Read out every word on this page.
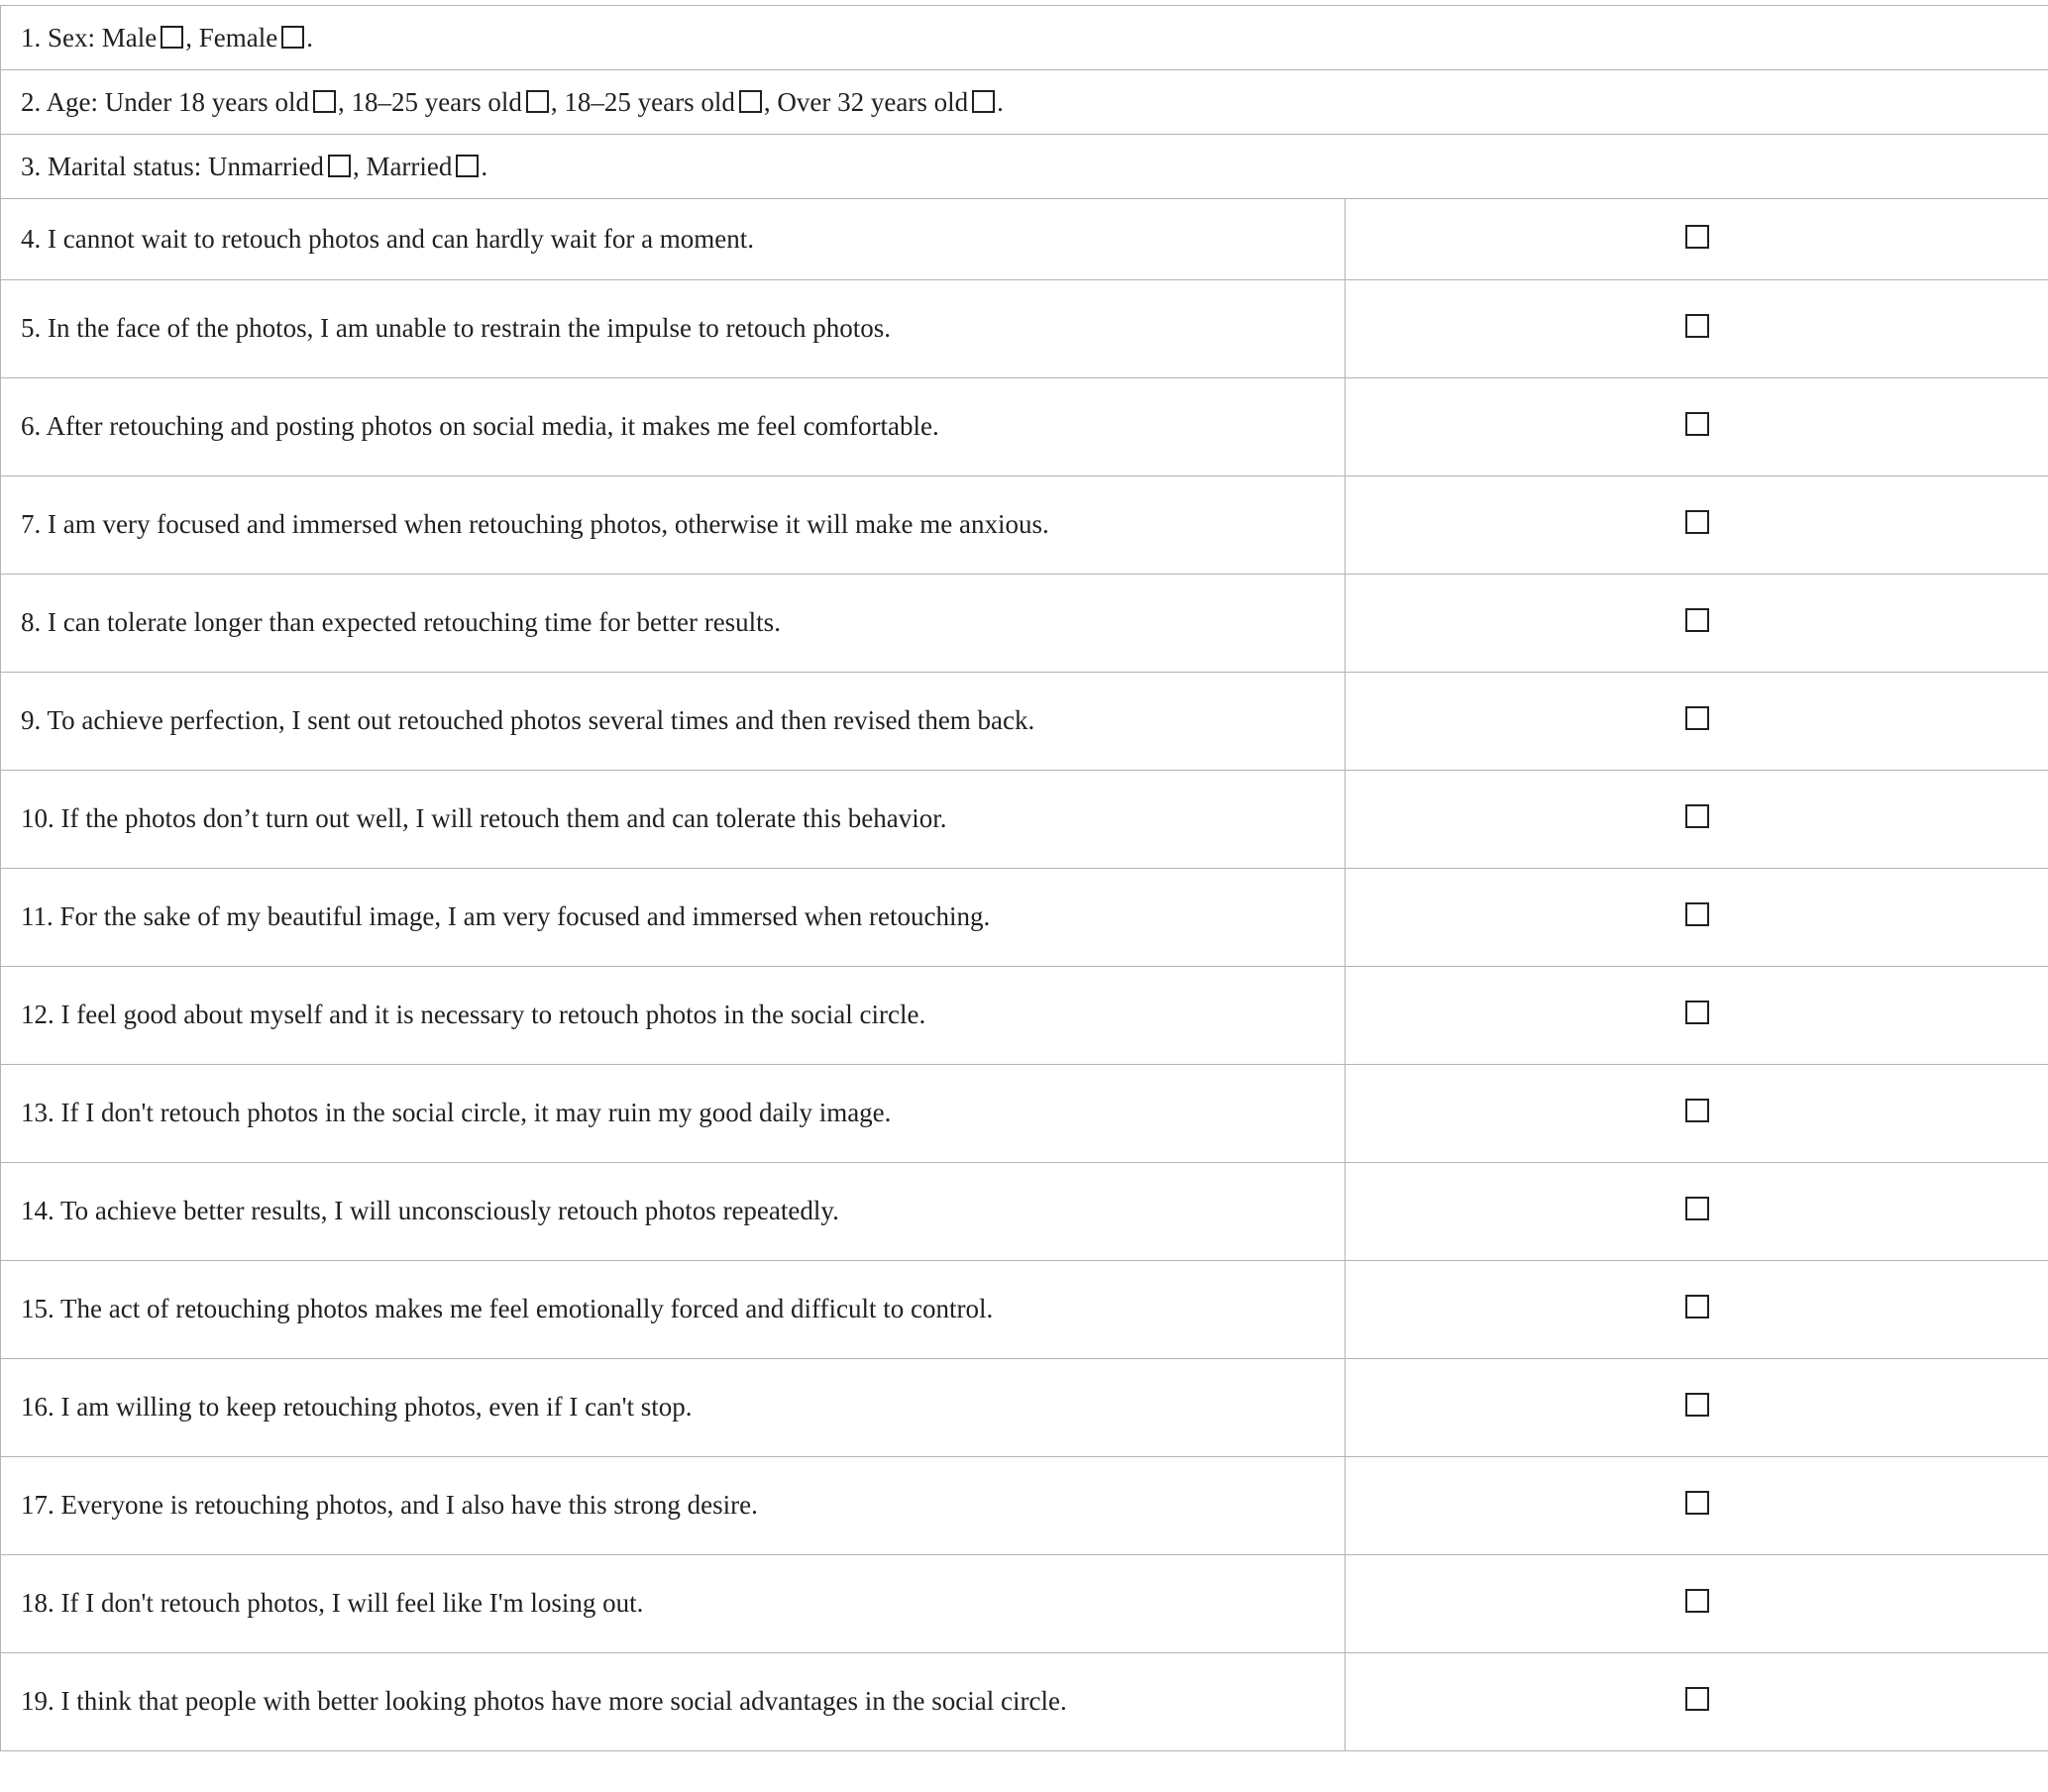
1. Sex: Male , Female .	
2. Age: Under 18 years old , 18–25 years old , 18–25 years old , Over 32 years old .	
3. Marital status: Unmarried , Married .	
4. I cannot wait to retouch photos and can hardly wait for a moment.	
5. In the face of the photos, I am unable to restrain the impulse to retouch photos.	
6. After retouching and posting photos on social media, it makes me feel comfortable.	
7. I am very focused and immersed when retouching photos, otherwise it will make me anxious.	
8. I can tolerate longer than expected retouching time for better results.	
9. To achieve perfection, I sent out retouched photos several times and then revised them back.	
10. If the photos don’t turn out well, I will retouch them and can tolerate this behavior.	
11. For the sake of my beautiful image, I am very focused and immersed when retouching.	
12. I feel good about myself and it is necessary to retouch photos in the social circle.	
13. If I don't retouch photos in the social circle, it may ruin my good daily image.	
14. To achieve better results, I will unconsciously retouch photos repeatedly.	
15. The act of retouching photos makes me feel emotionally forced and difficult to control.	
16. I am willing to keep retouching photos, even if I can't stop.	
17. Everyone is retouching photos, and I also have this strong desire.	
18. If I don't retouch photos, I will feel like I'm losing out.	
19. I think that people with better looking photos have more social advantages in the social circle.	
